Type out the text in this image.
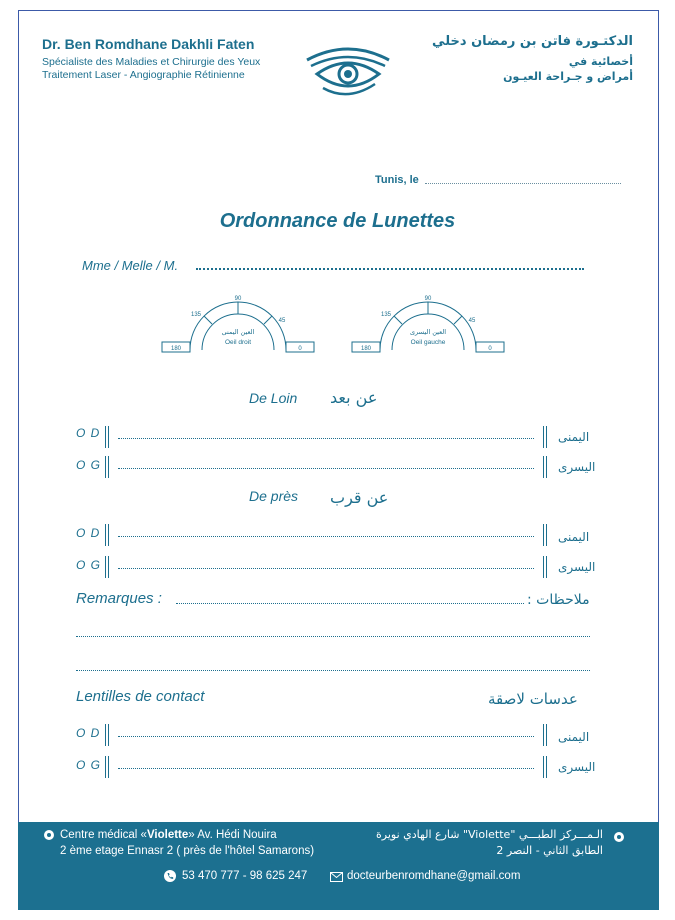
Dr. Ben Romdhane Dakhli Faten
Spécialiste des Maladies et Chirurgie des Yeux
Traitement Laser - Angiographie Rétinienne
الدكتـورة فاتن بن رمضان دخلي
أخصائية في
أمراض و جـراحة العيـون
Tunis, le
Ordonnance de Lunettes
Mme / Melle / M.
90
135
45
180	0
العين اليمنى
Oeil droit
90
135
45
180	0
العين اليسرى
Oeil gauche
De Loin عن بعد
O D	اليمنى
O G	اليسرى
De près عن قرب
O D	اليمنى
O G	اليسرى
Remarques :	ملاحظات :
Lentilles de contact	عدسات لاصقة
O D	اليمنى
O G	اليسرى
Centre médical «Violette» Av. Hédi Nouira
2 ème etage Ennasr 2 ( près de l'hôtel Samarons)
الـمـــركز الطبـــي "Violette" شارع الهادي نويرة
الطابق الثاني - النصر 2
53 470 777 - 98 625 247	docteurbenromdhane@gmail.com
